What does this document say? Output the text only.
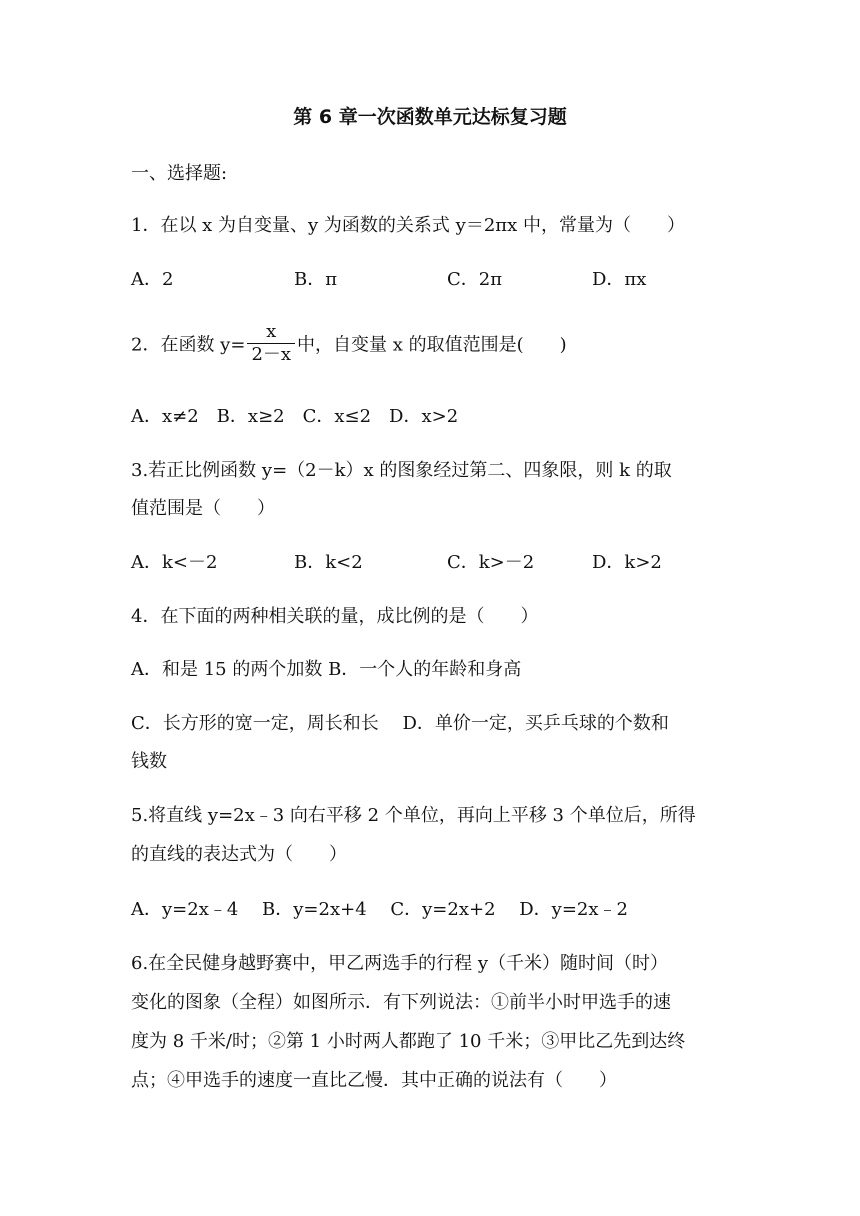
第 6 章一次函数单元达标复习题
一、选择题:
1．在以 x 为自变量、y 为函数的关系式 y＝2πx 中，常量为（　　）
A．2	B．π	C．2π	D．πx
2．在函数 $y= \frac{x}{2-x}$ 中，自变量 x 的取值范围是(　　)
A．x≠2　B．x≥2　C．x≤2　D．x>2
3.若正比例函数 y=（2－k）x 的图象经过第二、四象限，则 k 的取
值范围是（　　）
A．k<－2	B．k<2	C．k>－2	D．k>2
4．在下面的两种相关联的量，成比例的是（　　）
A．和是 15 的两个加数 B．一个人的年龄和身高
C．长方形的宽一定，周长和长　 D．单价一定，买乒乓球的个数和
钱数
5.将直线 y=2x﹣3 向右平移 2 个单位，再向上平移 3 个单位后，所得
的直线的表达式为（　　）
A．y=2x﹣4　 B．y=2x+4　 C．y=2x+2　 D．y=2x﹣2
6.在全民健身越野赛中，甲乙两选手的行程 y（千米）随时间（时）
变化的图象（全程）如图所示．有下列说法：①前半小时甲选手的速
度为 8 千米/时；②第 1 小时两人都跑了 10 千米；③甲比乙先到达终
点；④甲选手的速度一直比乙慢．其中正确的说法有（　　）
